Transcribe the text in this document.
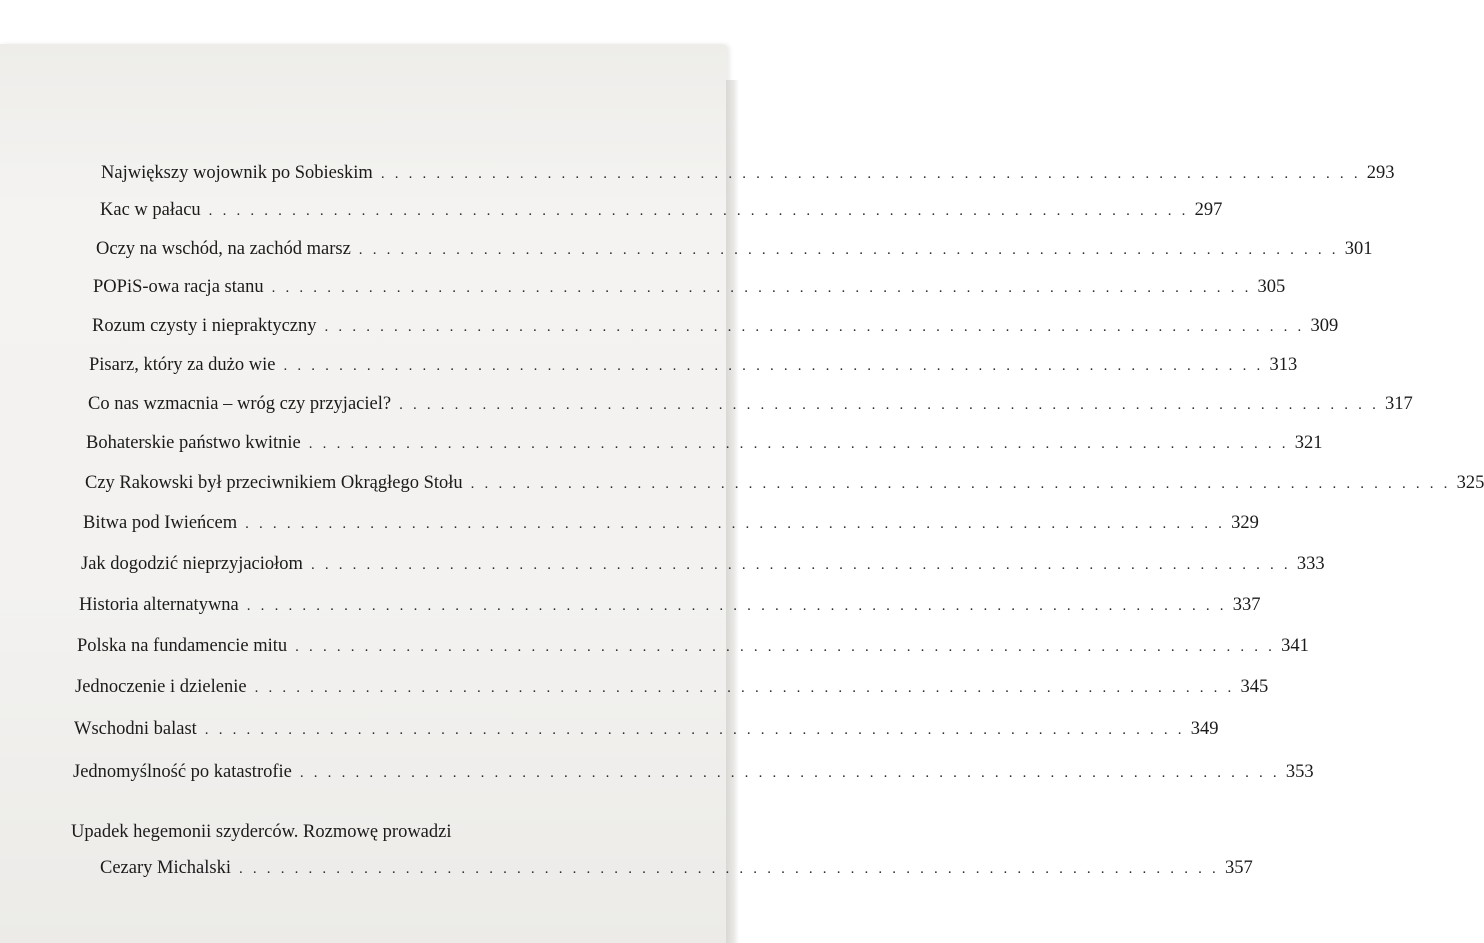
Największy wojownik po Sobieskim . . . . . . . . . . . . . . . . . . . . . . . . . . . . . . . . . . . . . . . . . . . . . . . . . . . . . . . . . . . . . . . . . . . . . . . 293
Kac w pałacu . . . . . . . . . . . . . . . . . . . . . . . . . . . . . . . . . . . . . . . . . . . . . . . . . . . . . . . . . . . . . . . . . . . . . . . 297
Oczy na wschód, na zachód marsz . . . . . . . . . . . . . . . . . . . . . . . . . . . . . . . . . . . . . . . . . . . . . . . . . . . . . . . . . . . . . . . . . . . . . . . 301
POPiS-owa racja stanu . . . . . . . . . . . . . . . . . . . . . . . . . . . . . . . . . . . . . . . . . . . . . . . . . . . . . . . . . . . . . . . . . . . . . . . 305
Rozum czysty i niepraktyczny . . . . . . . . . . . . . . . . . . . . . . . . . . . . . . . . . . . . . . . . . . . . . . . . . . . . . . . . . . . . . . . . . . . . . . . 309
Pisarz, który za dużo wie . . . . . . . . . . . . . . . . . . . . . . . . . . . . . . . . . . . . . . . . . . . . . . . . . . . . . . . . . . . . . . . . . . . . . . . 313
Co nas wzmacnia – wróg czy przyjaciel? . . . . . . . . . . . . . . . . . . . . . . . . . . . . . . . . . . . . . . . . . . . . . . . . . . . . . . . . . . . . . . . . . . . . . . . 317
Bohaterskie państwo kwitnie . . . . . . . . . . . . . . . . . . . . . . . . . . . . . . . . . . . . . . . . . . . . . . . . . . . . . . . . . . . . . . . . . . . . . . . 321
Czy Rakowski był przeciwnikiem Okrągłego Stołu . . . . . . . . . . . . . . . . . . . . . . . . . . . . . . . . . . . . . . . . . . . . . . . . . . . . . . . . . . . . . . . . . . . . . . . 325
Bitwa pod Iwieńcem . . . . . . . . . . . . . . . . . . . . . . . . . . . . . . . . . . . . . . . . . . . . . . . . . . . . . . . . . . . . . . . . . . . . . . . 329
Jak dogodzić nieprzyjaciołom . . . . . . . . . . . . . . . . . . . . . . . . . . . . . . . . . . . . . . . . . . . . . . . . . . . . . . . . . . . . . . . . . . . . . . . 333
Historia alternatywna . . . . . . . . . . . . . . . . . . . . . . . . . . . . . . . . . . . . . . . . . . . . . . . . . . . . . . . . . . . . . . . . . . . . . . . 337
Polska na fundamencie mitu . . . . . . . . . . . . . . . . . . . . . . . . . . . . . . . . . . . . . . . . . . . . . . . . . . . . . . . . . . . . . . . . . . . . . . . 341
Jednoczenie i dzielenie . . . . . . . . . . . . . . . . . . . . . . . . . . . . . . . . . . . . . . . . . . . . . . . . . . . . . . . . . . . . . . . . . . . . . . . 345
Wschodni balast . . . . . . . . . . . . . . . . . . . . . . . . . . . . . . . . . . . . . . . . . . . . . . . . . . . . . . . . . . . . . . . . . . . . . . . 349
Jednomyślność po katastrofie . . . . . . . . . . . . . . . . . . . . . . . . . . . . . . . . . . . . . . . . . . . . . . . . . . . . . . . . . . . . . . . . . . . . . . . 353
Upadek hegemonii szyderców. Rozmowę prowadzi
Cezary Michalski . . . . . . . . . . . . . . . . . . . . . . . . . . . . . . . . . . . . . . . . . . . . . . . . . . . . . . . . . . . . . . . . . . . . . . . 357
